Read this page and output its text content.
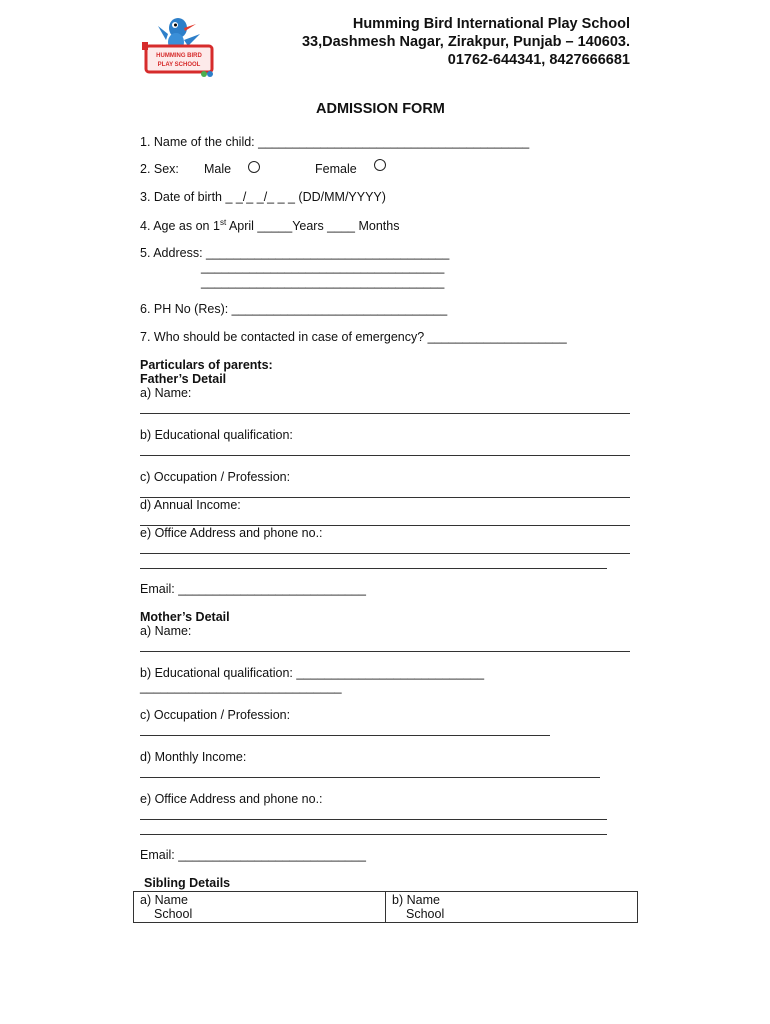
HUMMING BIRD
PLAY SCHOOL
Humming Bird International Play School
33,Dashmesh Nagar, Zirakpur, Punjab – 140603.
01762-644341, 8427666681
ADMISSION FORM
1. Name of the child: _______________________________________
2. Sex: Male	Female
3. Date of birth _ _/_ _/_ _ _ (DD/MM/YYYY)
4. Age as on 1st April _____Years ____ Months
5. Address: ___________________________________
___________________________________
___________________________________
6. PH No (Res): _______________________________
7. Who should be contacted in case of emergency? ____________________
Particulars of parents:
Father’s Detail
a) Name:
b) Educational qualification:
c) Occupation / Profession:
d) Annual Income:
e) Office Address and phone no.:
Email: ___________________________
Mother’s Detail
a) Name:
b) Educational qualification: ___________________________
_____________________________
c) Occupation / Profession:
d) Monthly Income:
e) Office Address and phone no.:
Email: ___________________________
Sibling Details
a) Name
School

b) Name
School
